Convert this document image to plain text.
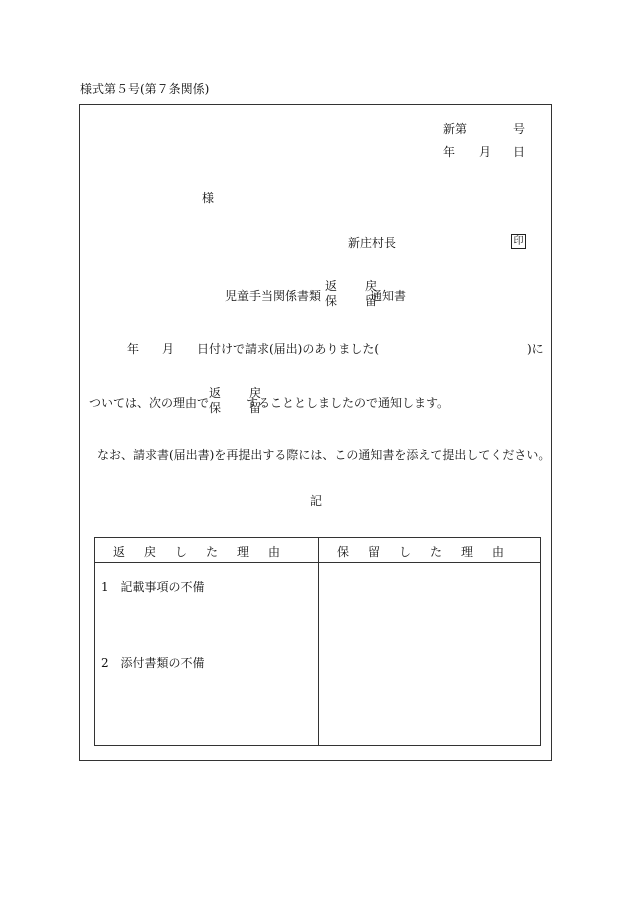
様式第５号(第７条関係)
新第	号
年 月 日
様
新庄村長	印
児童手当関係書類
返　戻
保　留
通知書
年 月 日付けで請求(届出)のありました(	)に
ついては、次の理由で
返　戻
保　留
することとしましたので通知します。
なお、請求書(届出書)を再提出する際には、この通知書を添えて提出してください。
記
返戻した理由	保留した理由
1 記載事項の不備
2 添付書類の不備
